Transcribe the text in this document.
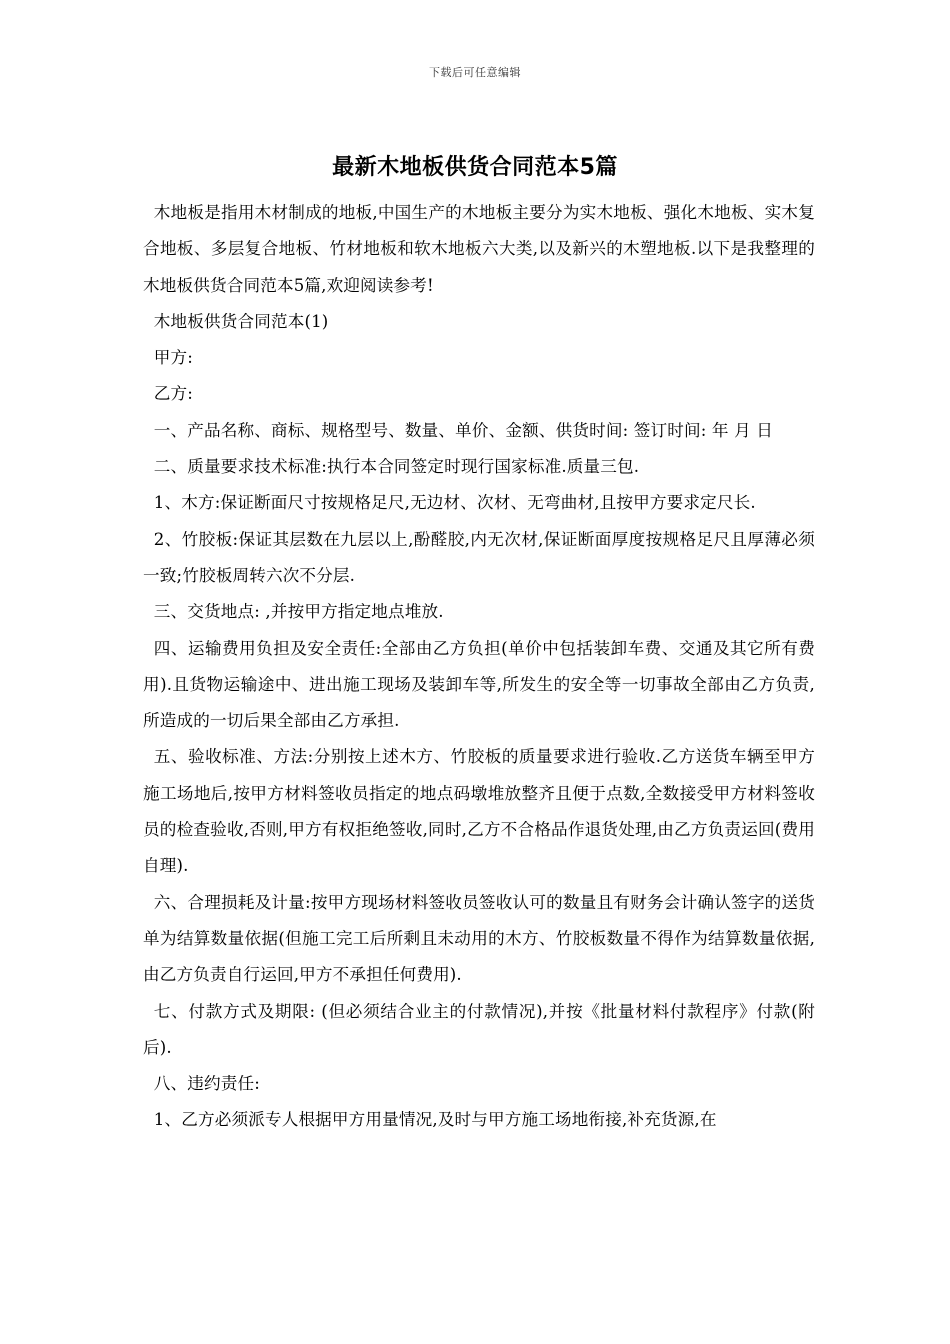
下载后可任意编辑
最新木地板供货合同范本5篇

木地板是指用木材制成的地板,中国生产的木地板主要分为实木地板、强化木地板、实木复合地板、多层复合地板、竹材地板和软木地板六大类,以及新兴的木塑地板.以下是我整理的木地板供货合同范本5篇,欢迎阅读参考!

木地板供货合同范本(1)

甲方:

乙方:

一、产品名称、商标、规格型号、数量、单价、金额、供货时间: 签订时间: 年 月 日

二、质量要求技术标准:执行本合同签定时现行国家标准.质量三包.

1、木方:保证断面尺寸按规格足尺,无边材、次材、无弯曲材,且按甲方要求定尺长.

2、竹胶板:保证其层数在九层以上,酚醛胶,内无次材,保证断面厚度按规格足尺且厚薄必须一致;竹胶板周转六次不分层.

三、交货地点: ,并按甲方指定地点堆放.

四、运输费用负担及安全责任:全部由乙方负担(单价中包括装卸车费、交通及其它所有费用).且货物运输途中、进出施工现场及装卸车等,所发生的安全等一切事故全部由乙方负责,所造成的一切后果全部由乙方承担.

五、验收标准、方法:分别按上述木方、竹胶板的质量要求进行验收.乙方送货车辆至甲方施工场地后,按甲方材料签收员指定的地点码墩堆放整齐且便于点数,全数接受甲方材料签收员的检查验收,否则,甲方有权拒绝签收,同时,乙方不合格品作退货处理,由乙方负责运回(费用自理).

六、合理损耗及计量:按甲方现场材料签收员签收认可的数量且有财务会计确认签字的送货单为结算数量依据(但施工完工后所剩且未动用的木方、竹胶板数量不得作为结算数量依据,由乙方负责自行运回,甲方不承担任何费用).

七、付款方式及期限: (但必须结合业主的付款情况),并按《批量材料付款程序》付款(附后).

八、违约责任:

1、乙方必须派专人根据甲方用量情况,及时与甲方施工场地衔接,补充货源,在
